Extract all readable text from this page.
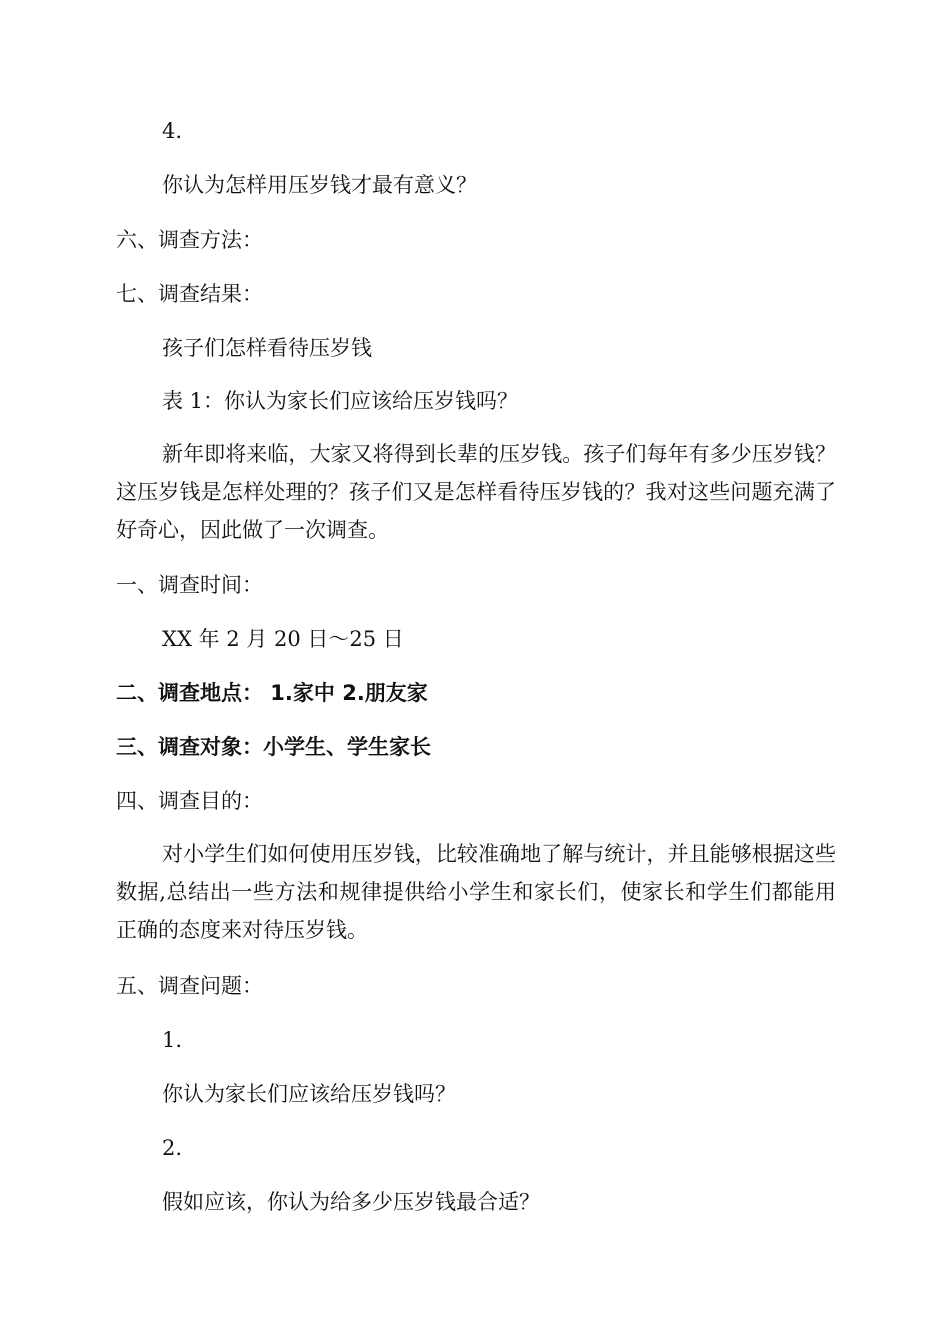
4.
你认为怎样用压岁钱才最有意义？
六、调查方法：
七、调查结果：
孩子们怎样看待压岁钱
表 1：你认为家长们应该给压岁钱吗？
新年即将来临，大家又将得到长辈的压岁钱。孩子们每年有多少压岁钱？这压岁钱是怎样处理的？孩子们又是怎样看待压岁钱的？我对这些问题充满了好奇心，因此做了一次调查。
一、调查时间：
XX 年 2 月 20 日～25 日
二、调查地点： 1.家中 2.朋友家
三、调查对象：小学生、学生家长
四、调查目的：
对小学生们如何使用压岁钱，比较准确地了解与统计，并且能够根据这些数据,总结出一些方法和规律提供给小学生和家长们，使家长和学生们都能用正确的态度来对待压岁钱。
五、调查问题：
1.
你认为家长们应该给压岁钱吗？
2.
假如应该，你认为给多少压岁钱最合适？
